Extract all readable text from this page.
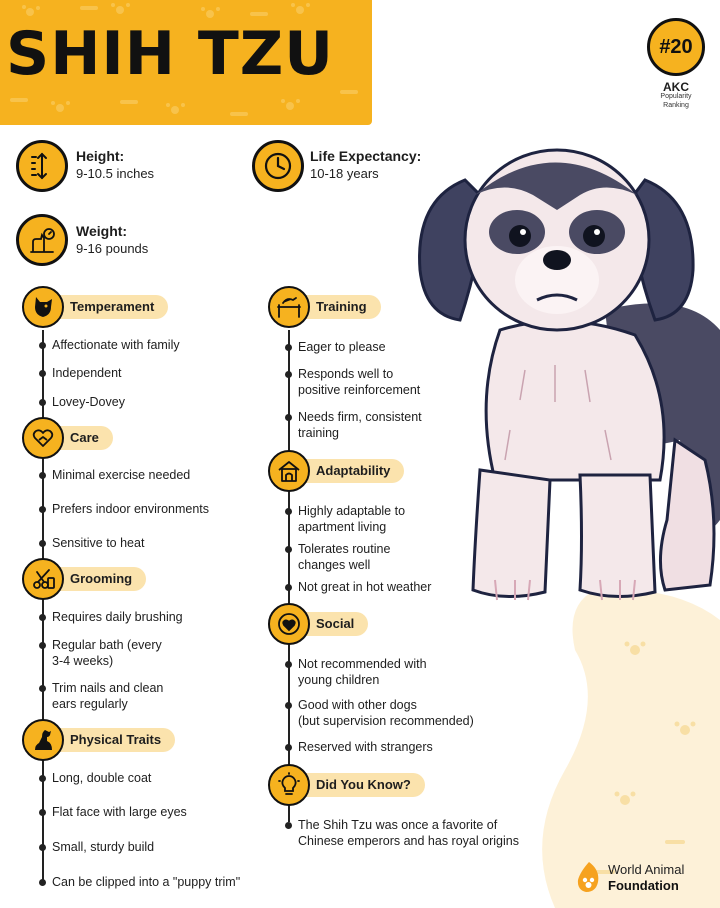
SHIH TZU	#20
AKC
Popularity
Ranking
Height:
9-10.5 inches
Life Expectancy:
10-18 years
Weight:
9-16 pounds
Temperament
Affectionate with family
Independent
Lovey-Dovey
Care
Minimal exercise needed
Prefers indoor environments
Sensitive to heat
Grooming
Requires daily brushing
Regular bath (every
3-4 weeks)
Trim nails and clean
ears regularly
Physical Traits
Long, double coat
Flat face with large eyes
Small, sturdy build
Can be clipped into a "puppy trim"
Training
Eager to please
Responds well to
positive reinforcement
Needs firm, consistent
training
Adaptability
Highly adaptable to
apartment living
Tolerates routine
changes well
Not great in hot weather
Social
Not recommended with
young children
Good with other dogs
(but supervision recommended)
Reserved with strangers
Did You Know?
The Shih Tzu was once a favorite of
Chinese emperors and has royal origins
World Animal
Foundation
